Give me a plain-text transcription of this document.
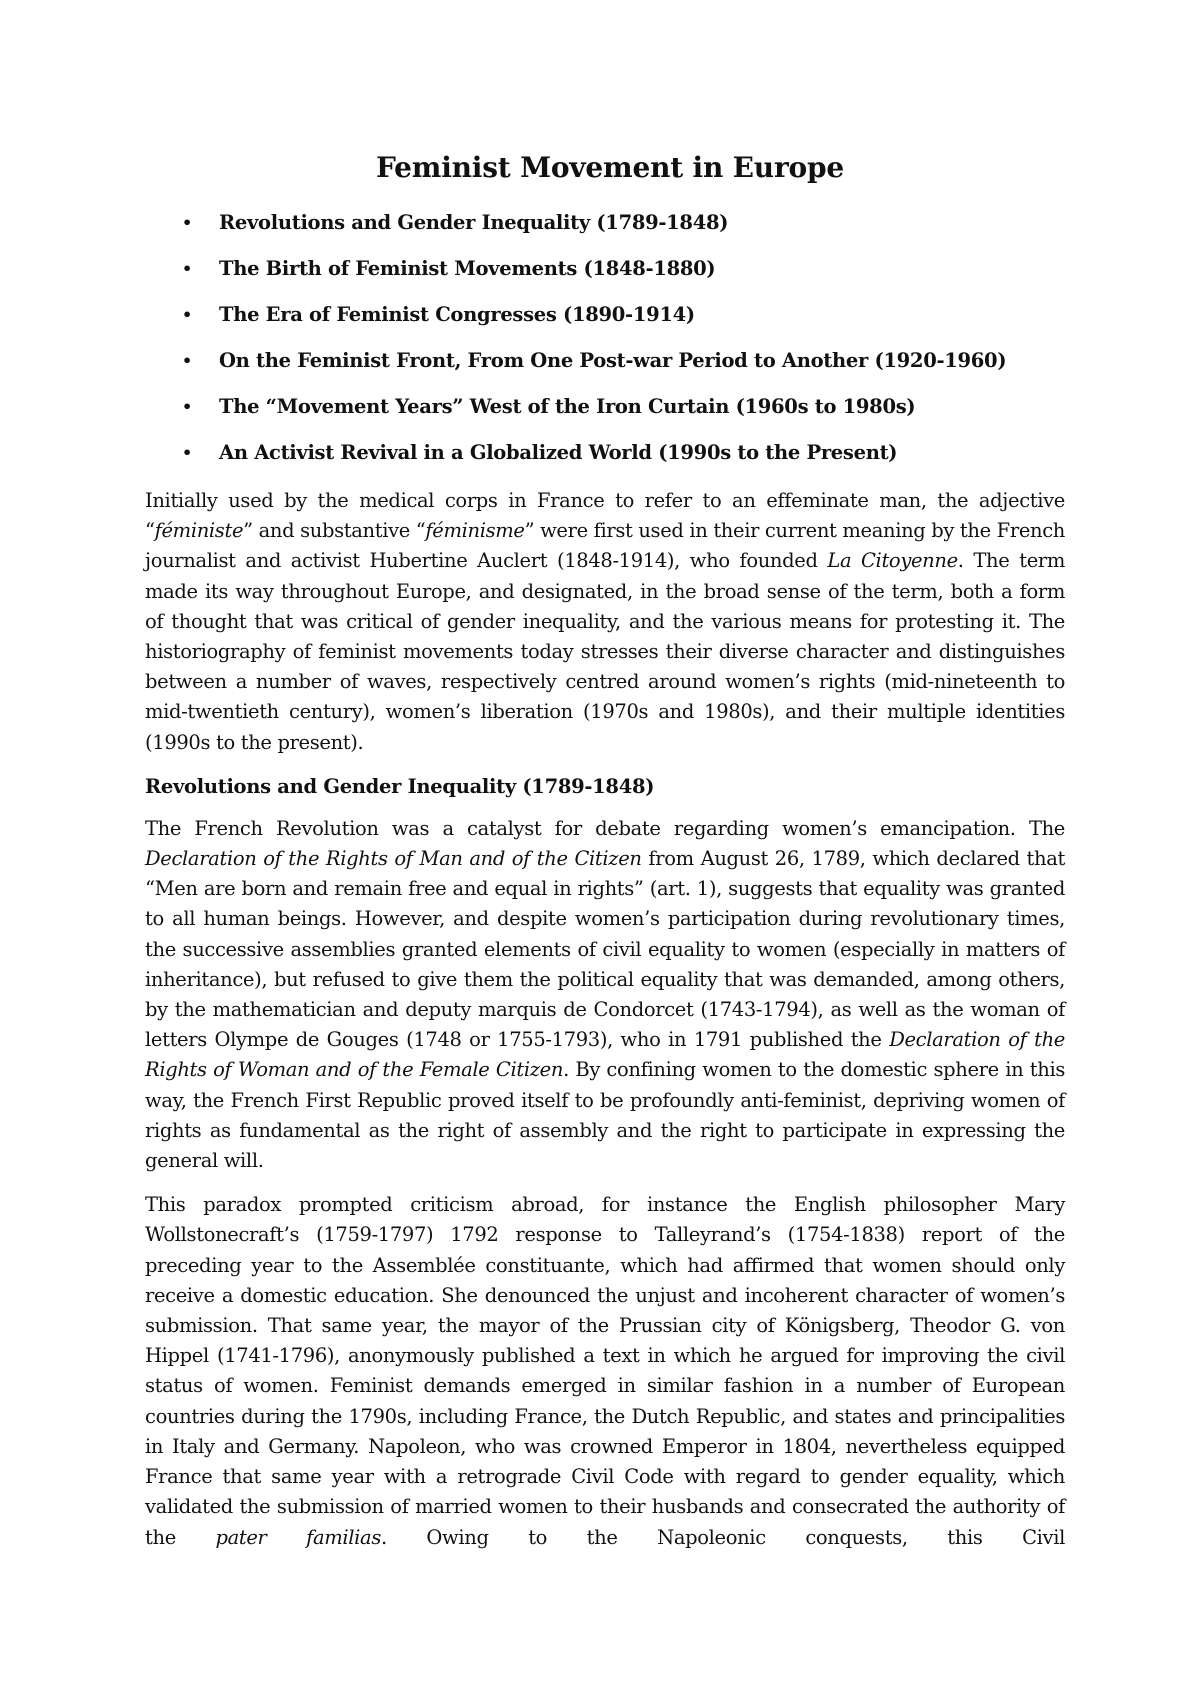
Feminist Movement in Europe
• Revolutions and Gender Inequality (1789-1848)
• The Birth of Feminist Movements (1848-1880)
• The Era of Feminist Congresses (1890-1914)
• On the Feminist Front, From One Post-war Period to Another (1920-1960)
• The “Movement Years” West of the Iron Curtain (1960s to 1980s)
• An Activist Revival in a Globalized World (1990s to the Present)

Initially used by the medical corps in France to refer to an effeminate man, the adjective “féministe” and substantive “féminisme” were first used in their current meaning by the French journalist and activist Hubertine Auclert (1848-1914), who founded La Citoyenne. The term made its way throughout Europe, and designated, in the broad sense of the term, both a form of thought that was critical of gender inequality, and the various means for protesting it. The historiography of feminist movements today stresses their diverse character and distinguishes between a number of waves, respectively centred around women’s rights (mid-nineteenth to mid-twentieth century), women’s liberation (1970s and 1980s), and their multiple identities (1990s to the present).

Revolutions and Gender Inequality (1789-1848)

The French Revolution was a catalyst for debate regarding women’s emancipation. The Declaration of the Rights of Man and of the Citizen from August 26, 1789, which declared that “Men are born and remain free and equal in rights” (art. 1), suggests that equality was granted to all human beings. However, and despite women’s participation during revolutionary times, the successive assemblies granted elements of civil equality to women (especially in matters of inheritance), but refused to give them the political equality that was demanded, among others, by the mathematician and deputy marquis de Condorcet (1743-1794), as well as the woman of letters Olympe de Gouges (1748 or 1755-1793), who in 1791 published the Declaration of the Rights of Woman and of the Female Citizen. By confining women to the domestic sphere in this way, the French First Republic proved itself to be profoundly anti-feminist, depriving women of rights as fundamental as the right of assembly and the right to participate in expressing the general will.

This paradox prompted criticism abroad, for instance the English philosopher Mary Wollstonecraft’s (1759-1797) 1792 response to Talleyrand’s (1754-1838) report of the preceding year to the Assemblée constituante, which had affirmed that women should only receive a domestic education. She denounced the unjust and incoherent character of women’s submission. That same year, the mayor of the Prussian city of Königsberg, Theodor G. von Hippel (1741-1796), anonymously published a text in which he argued for improving the civil status of women. Feminist demands emerged in similar fashion in a number of European countries during the 1790s, including France, the Dutch Republic, and states and principalities in Italy and Germany. Napoleon, who was crowned Emperor in 1804, nevertheless equipped France that same year with a retrograde Civil Code with regard to gender equality, which validated the submission of married women to their husbands and consecrated the authority of the pater familias. Owing to the Napoleonic conquests, this Civil
